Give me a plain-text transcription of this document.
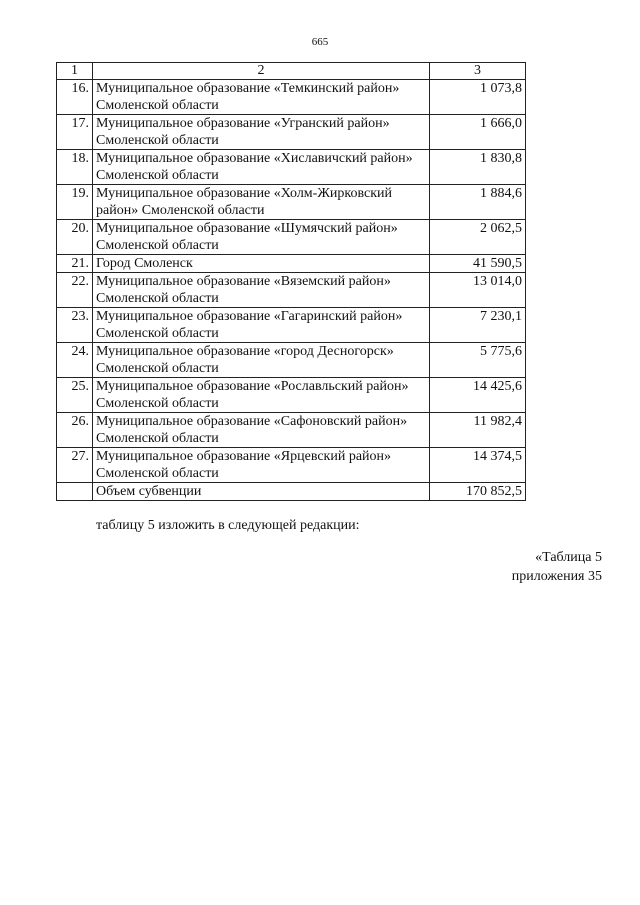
665
1	2	3
16.	Муниципальное образование «Темкинский район» Смоленской области	1 073,8
17.	Муниципальное образование «Угранский район» Смоленской области	1 666,0
18.	Муниципальное образование «Хиславичский район» Смоленской области	1 830,8
19.	Муниципальное образование «Холм-Жирковский район» Смоленской области	1 884,6
20.	Муниципальное образование «Шумячский район» Смоленской области	2 062,5
21.	Город Смоленск	41 590,5
22.	Муниципальное образование «Вяземский район» Смоленской области	13 014,0
23.	Муниципальное образование «Гагаринский район» Смоленской области	7 230,1
24.	Муниципальное образование «город Десногорск» Смоленской области	5 775,6
25.	Муниципальное образование «Рославльский район» Смоленской области	14 425,6
26.	Муниципальное образование «Сафоновский район» Смоленской области	11 982,4
27.	Муниципальное образование «Ярцевский район» Смоленской области	14 374,5
	Объем субвенции	170 852,5
таблицу 5 изложить в следующей редакции:
«Таблица 5
приложения 35
